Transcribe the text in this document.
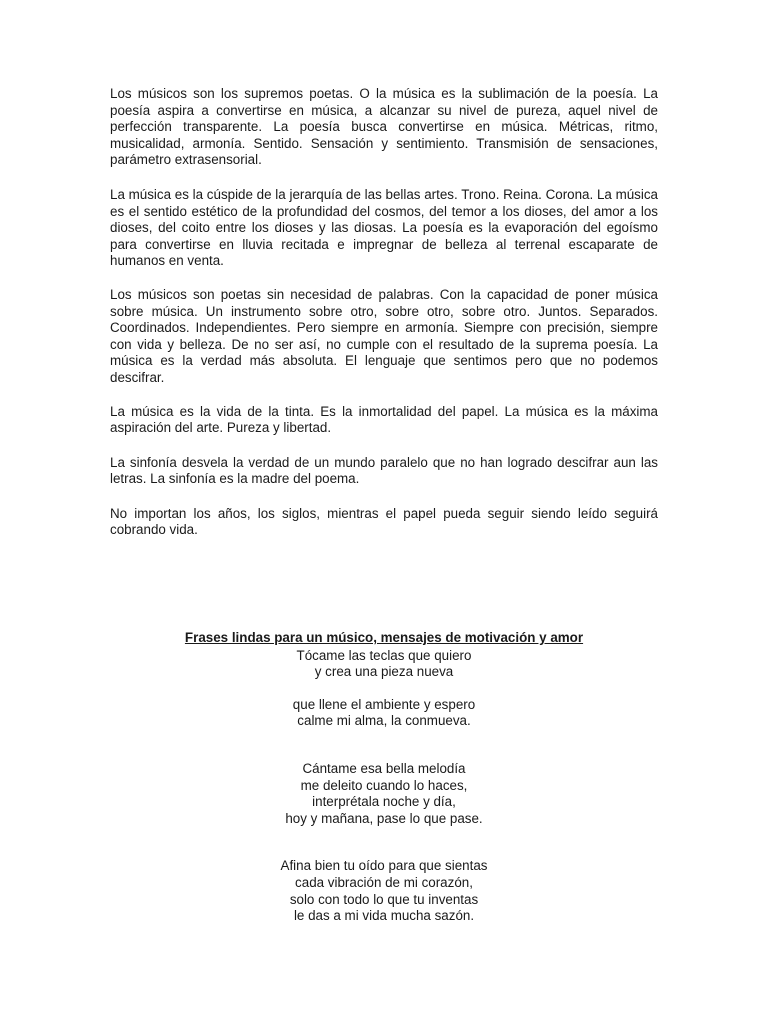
Los músicos son los supremos poetas. O la música es la sublimación de la poesía. La poesía aspira a convertirse en música, a alcanzar su nivel de pureza, aquel nivel de perfección transparente. La poesía busca convertirse en música. Métricas, ritmo, musicalidad, armonía. Sentido. Sensación y sentimiento. Transmisión de sensaciones, parámetro extrasensorial.

La música es la cúspide de la jerarquía de las bellas artes. Trono. Reina. Corona. La música es el sentido estético de la profundidad del cosmos, del temor a los dioses, del amor a los dioses, del coito entre los dioses y las diosas. La poesía es la evaporación del egoísmo para convertirse en lluvia recitada e impregnar de belleza al terrenal escaparate de humanos en venta.

Los músicos son poetas sin necesidad de palabras. Con la capacidad de poner música sobre música. Un instrumento sobre otro, sobre otro, sobre otro. Juntos. Separados. Coordinados. Independientes. Pero siempre en armonía. Siempre con precisión, siempre con vida y belleza. De no ser así, no cumple con el resultado de la suprema poesía. La música es la verdad más absoluta. El lenguaje que sentimos pero que no podemos descifrar.

La música es la vida de la tinta. Es la inmortalidad del papel. La música es la máxima aspiración del arte. Pureza y libertad.

La sinfonía desvela la verdad de un mundo paralelo que no han logrado descifrar aun las letras. La sinfonía es la madre del poema.

No importan los años, los siglos, mientras el papel pueda seguir siendo leído seguirá cobrando vida.

Frases lindas para un músico, mensajes de motivación y amor
Tócame las teclas que quiero
y crea una pieza nueva
que llene el ambiente y espero
calme mi alma, la conmueva.
Cántame esa bella melodía
me deleito cuando lo haces,
interprétala noche y día,
hoy y mañana, pase lo que pase.
Afina bien tu oído para que sientas
cada vibración de mi corazón,
solo con todo lo que tu inventas
le das a mi vida mucha sazón.
